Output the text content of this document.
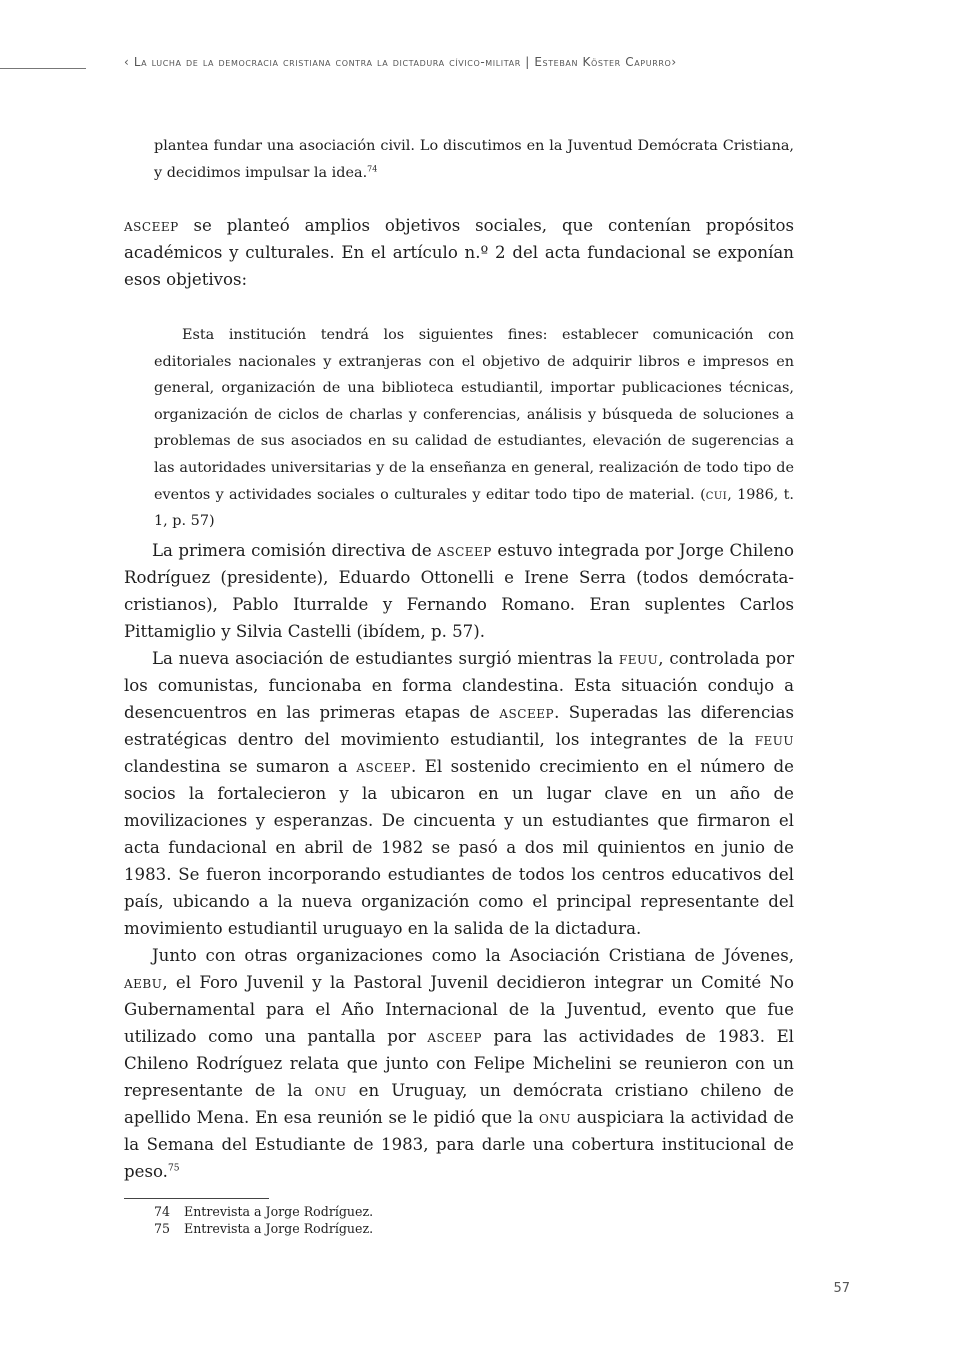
‹ La lucha de la democracia cristiana contra la dictadura cívico-militar | Esteban Köster Capurro›

plantea fundar una asociación civil. Lo discutimos en la Juventud Demócrata Cristiana, y decidimos impulsar la idea.$^{74}$

asceep se planteó amplios objetivos sociales, que contenían propósitos académicos y culturales. En el artículo n.º 2 del acta fundacional se exponían esos objetivos:

Esta institución tendrá los siguientes fines: establecer comunicación con editoriales nacionales y extranjeras con el objetivo de adquirir libros e impresos en general, organización de una biblioteca estudiantil, importar publicaciones técnicas, organización de ciclos de charlas y conferencias, análisis y búsqueda de soluciones a problemas de sus asociados en su calidad de estudiantes, elevación de sugerencias a las autoridades universitarias y de la enseñanza en general, realización de todo tipo de eventos y actividades sociales o culturales y editar todo tipo de material. (cui, 1986, t. 1, p. 57)

La primera comisión directiva de asceep estuvo integrada por Jorge Chileno Rodríguez (presidente), Eduardo Ottonelli e Irene Serra (todos demócrata-cristianos), Pablo Iturralde y Fernando Romano. Eran suplentes Carlos Pittamiglio y Silvia Castelli (ibídem, p. 57).

La nueva asociación de estudiantes surgió mientras la feuu, controlada por los comunistas, funcionaba en forma clandestina. Esta situación condujo a desencuentros en las primeras etapas de asceep. Superadas las diferencias estratégicas dentro del movimiento estudiantil, los integrantes de la feuu clandestina se sumaron a asceep. El sostenido crecimiento en el número de socios la fortalecieron y la ubicaron en un lugar clave en un año de movilizaciones y esperanzas. De cincuenta y un estudiantes que firmaron el acta fundacional en abril de 1982 se pasó a dos mil quinientos en junio de 1983. Se fueron incorporando estudiantes de todos los centros educativos del país, ubicando a la nueva organización como el principal representante del movimiento estudiantil uruguayo en la salida de la dictadura.

Junto con otras organizaciones como la Asociación Cristiana de Jóvenes, aebu, el Foro Juvenil y la Pastoral Juvenil decidieron integrar un Comité No Gubernamental para el Año Internacional de la Juventud, evento que fue utilizado como una pantalla por asceep para las actividades de 1983. El Chileno Rodríguez relata que junto con Felipe Michelini se reunieron con un representante de la onu en Uruguay, un demócrata cristiano chileno de apellido Mena. En esa reunión se le pidió que la onu auspiciara la actividad de la Semana del Estudiante de 1983, para darle una cobertura institucional de peso.$^{75}$

74	Entrevista a Jorge Rodríguez.
75	Entrevista a Jorge Rodríguez.
57
